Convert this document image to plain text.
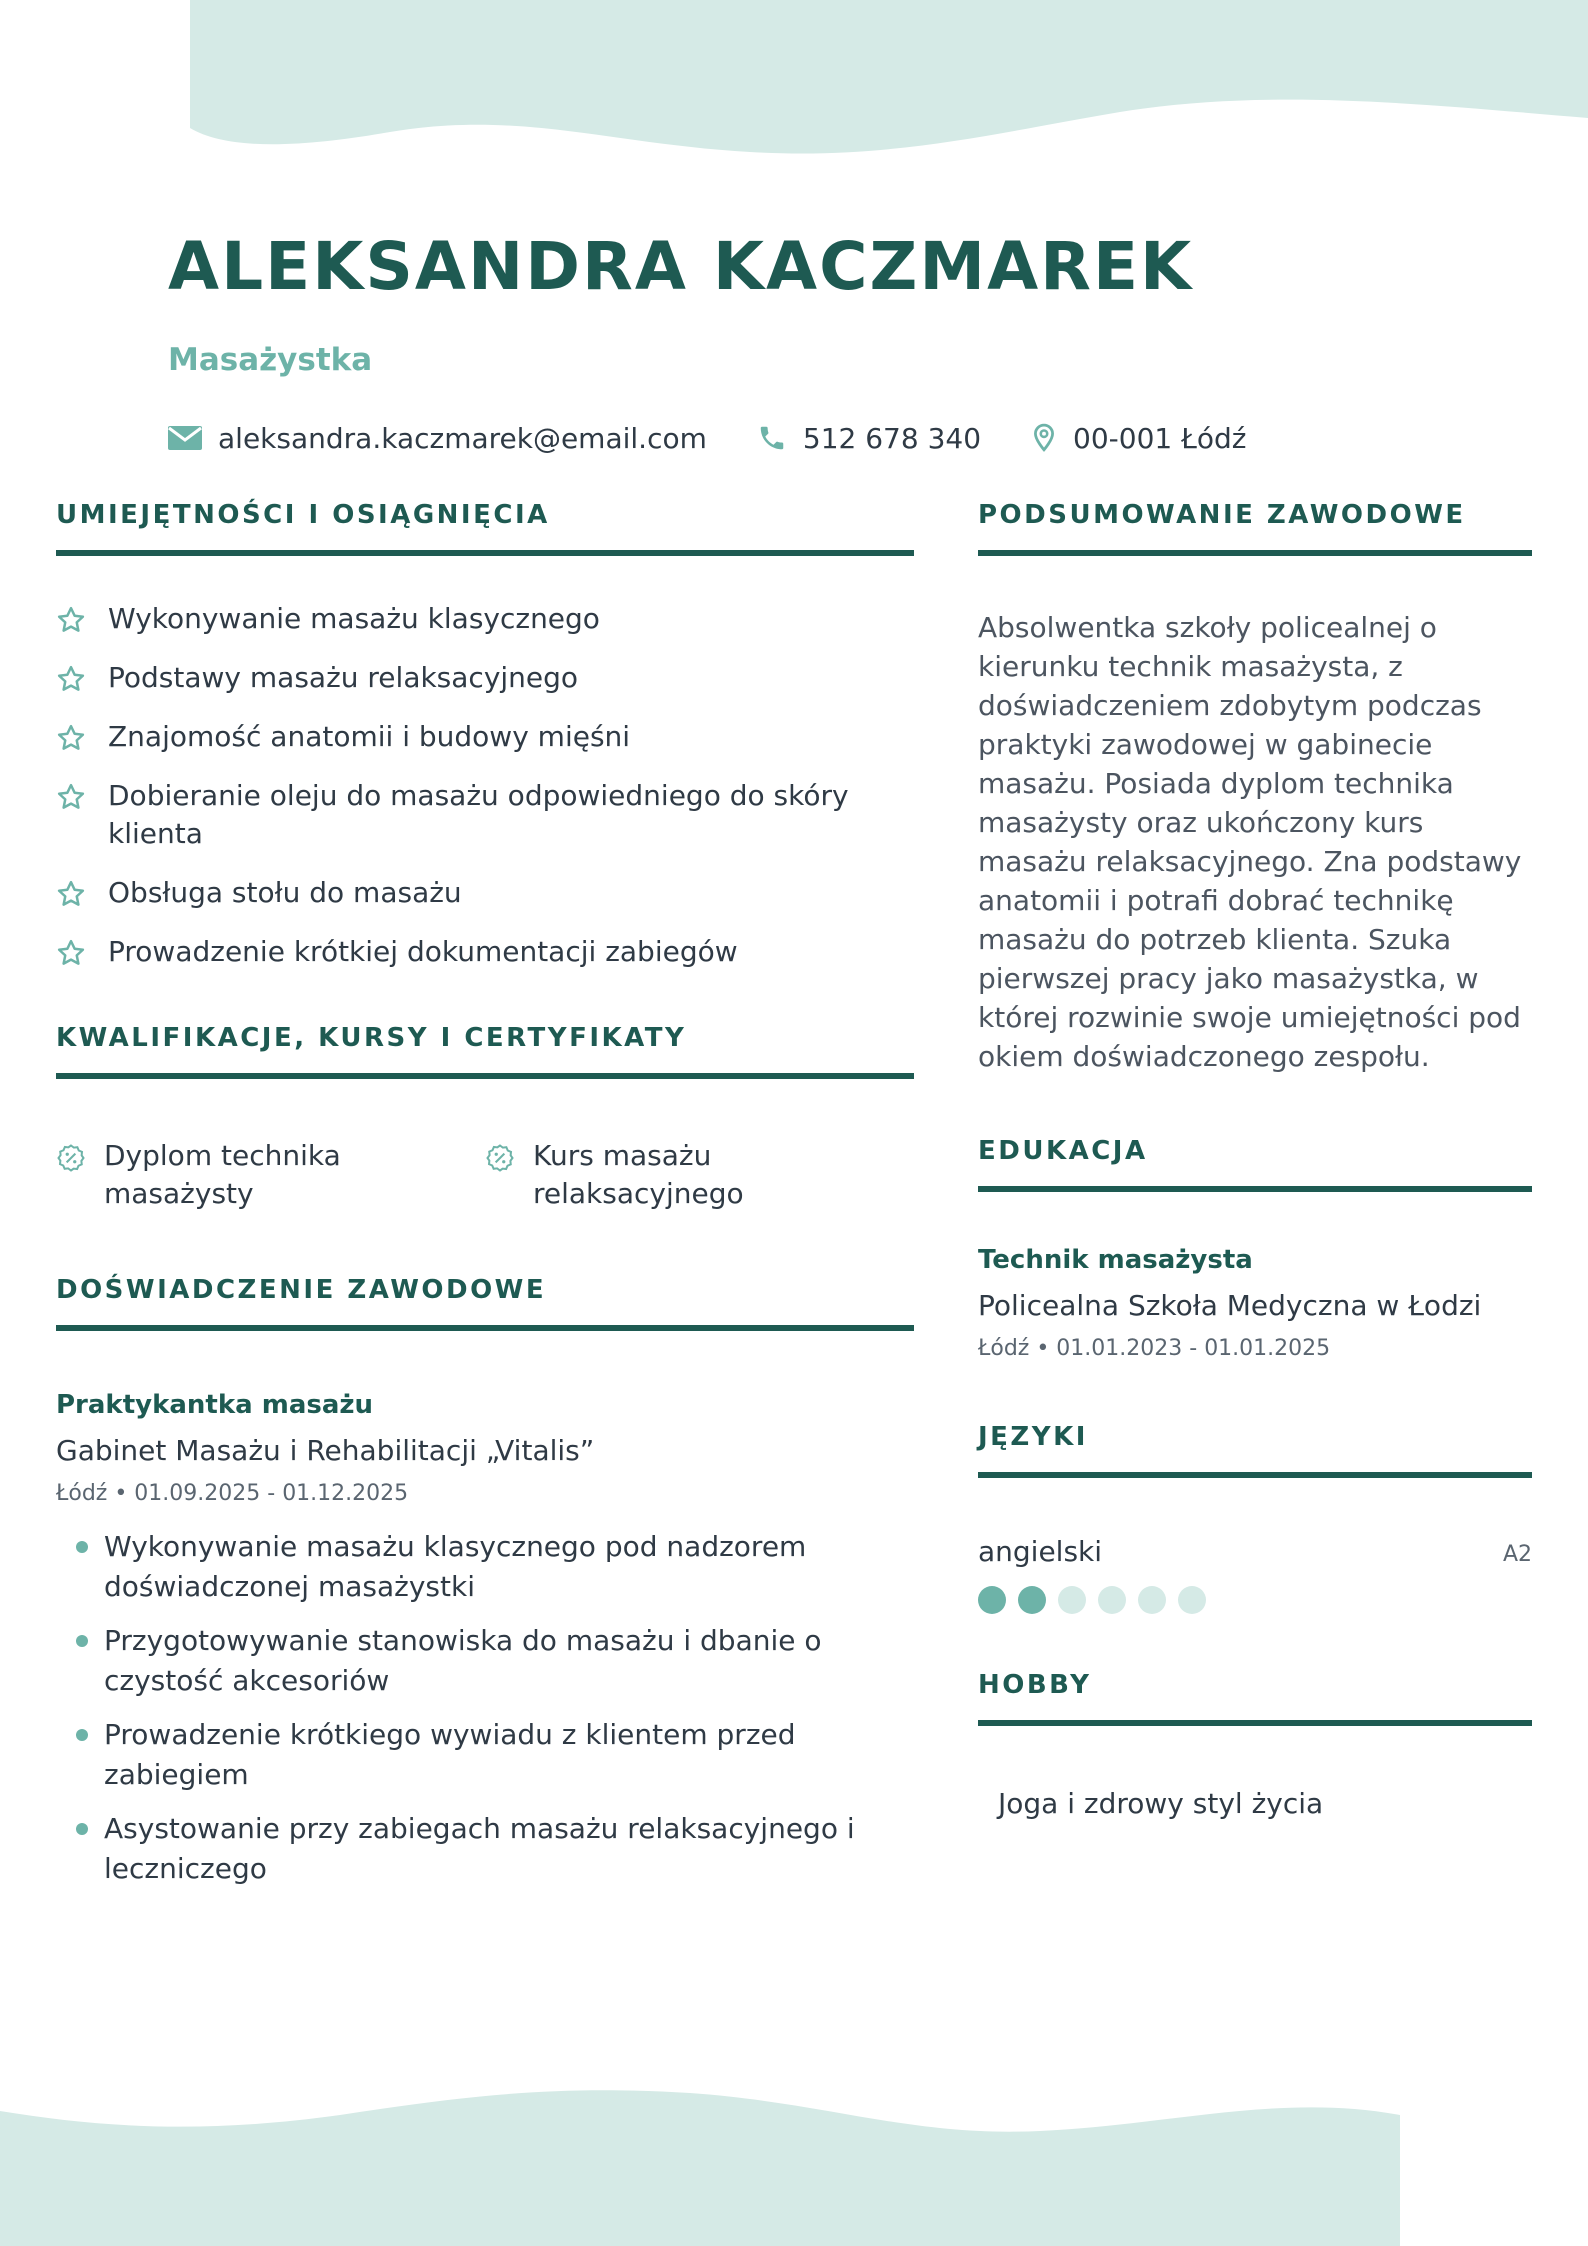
ALEKSANDRA KACZMAREK
Masażystka
aleksandra.kaczmarek@email.com	512 678 340	00-001 Łódź
UMIEJĘTNOŚCI I OSIĄGNIĘCIA
Wykonywanie masażu klasycznego
Podstawy masażu relaksacyjnego
Znajomość anatomii i budowy mięśni
Dobieranie oleju do masażu odpowiedniego do skóry klienta
Obsługa stołu do masażu
Prowadzenie krótkiej dokumentacji zabiegów
KWALIFIKACJE, KURSY I CERTYFIKATY
Dyplom technika masażysty
Kurs masażu relaksacyjnego
DOŚWIADCZENIE ZAWODOWE
Praktykantka masażu
Gabinet Masażu i Rehabilitacji „Vitalis”
Łódź • 01.09.2025 - 01.12.2025
Wykonywanie masażu klasycznego pod nadzorem doświadczonej masażystki
Przygotowywanie stanowiska do masażu i dbanie o czystość akcesoriów
Prowadzenie krótkiego wywiadu z klientem przed zabiegiem
Asystowanie przy zabiegach masażu relaksacyjnego i leczniczego
PODSUMOWANIE ZAWODOWE
Absolwentka szkoły policealnej o kierunku technik masażysta, z doświadczeniem zdobytym podczas praktyki zawodowej w gabinecie masażu. Posiada dyplom technika masażysty oraz ukończony kurs masażu relaksacyjnego. Zna podstawy anatomii i potrafi dobrać technikę masażu do potrzeb klienta. Szuka pierwszej pracy jako masażystka, w której rozwinie swoje umiejętności pod okiem doświadczonego zespołu.
EDUKACJA
Technik masażysta
Policealna Szkoła Medyczna w Łodzi
Łódź • 01.01.2023 - 01.01.2025
JĘZYKI
angielski	A2
HOBBY
Joga i zdrowy styl życia
